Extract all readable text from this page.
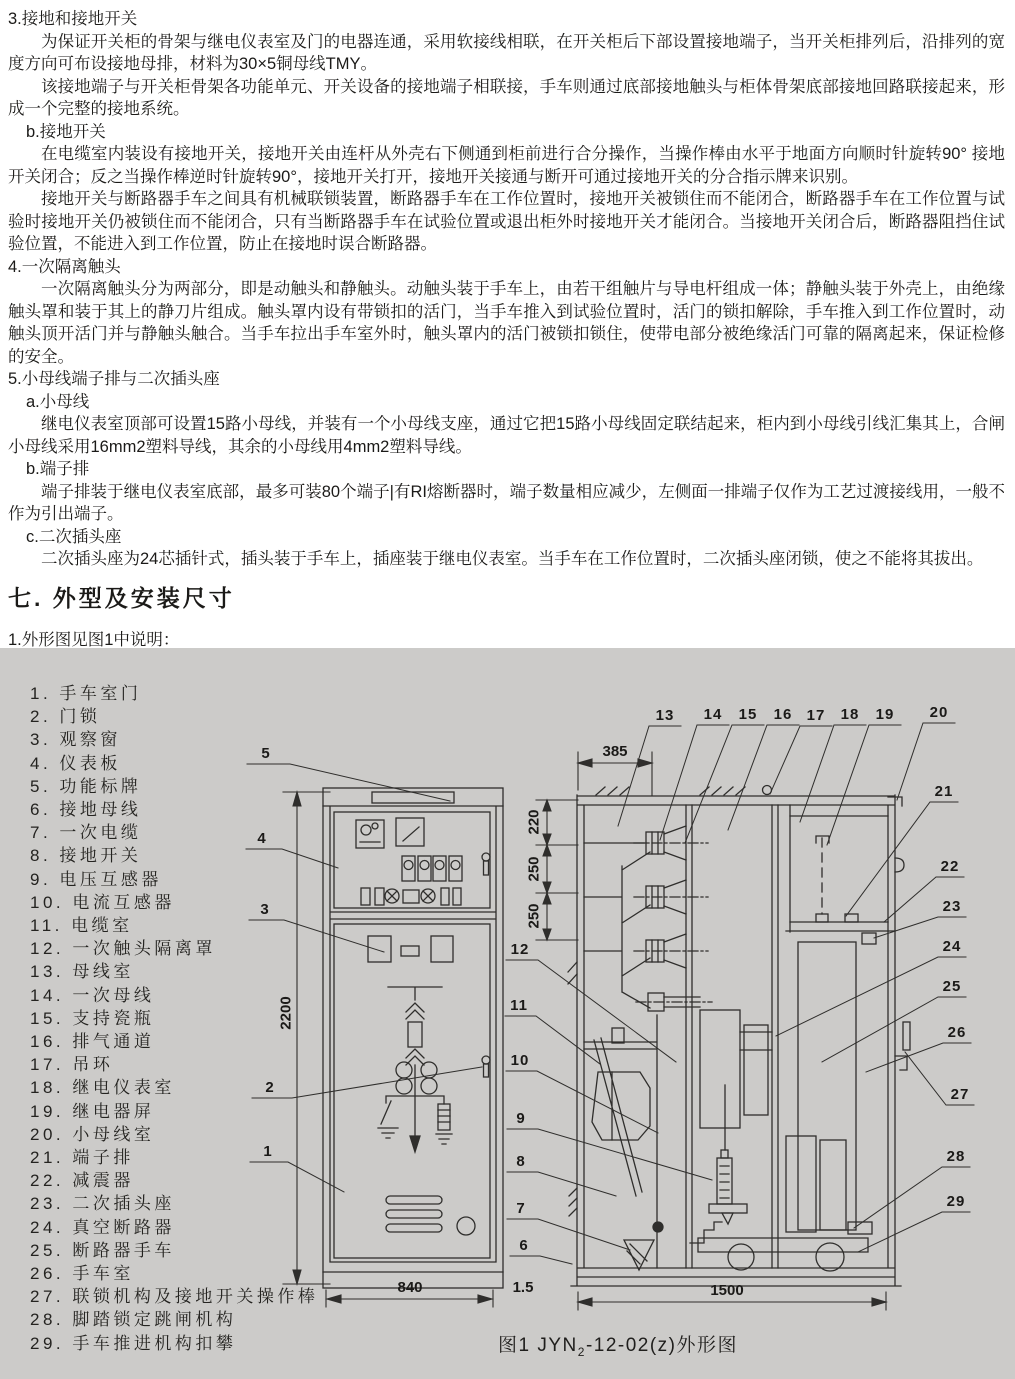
3.接地和接地开关

为保证开关柜的骨架与继电仪表室及门的电器连通，采用软接线相联，在开关柜后下部设置接地端子，当开关柜排列后，沿排列的宽度方向可布设接地母排，材料为30×5铜母线TMY。

该接地端子与开关柜骨架各功能单元、开关设备的接地端子相联接，手车则通过底部接地触头与柜体骨架底部接地回路联接起来，形成一个完整的接地系统。

b.接地开关

在电缆室内装设有接地开关，接地开关由连杆从外壳右下侧通到柜前进行合分操作，当操作棒由水平于地面方向顺时针旋转90° 接地开关闭合；反之当操作棒逆时针旋转90°，接地开关打开，接地开关接通与断开可通过接地开关的分合指示牌来识别。

接地开关与断路器手车之间具有机械联锁装置，断路器手车在工作位置时，接地开关被锁住而不能闭合，断路器手车在工作位置与试验时接地开关仍被锁住而不能闭合，只有当断路器手车在试验位置或退出柜外时接地开关才能闭合。当接地开关闭合后，断路器阻挡住试验位置，不能进入到工作位置，防止在接地时误合断路器。

4.一次隔离触头

一次隔离触头分为两部分，即是动触头和静触头。动触头装于手车上，由若干组触片与导电杆组成一体；静触头装于外壳上，由绝缘触头罩和装于其上的静刀片组成。触头罩内设有带锁扣的活门，当手车推入到试验位置时，活门的锁扣解除，手车推入到工作位置时，动触头顶开活门并与静触头触合。当手车拉出手车室外时，触头罩内的活门被锁扣锁住，使带电部分被绝缘活门可靠的隔离起来，保证检修的安全。

5.小母线端子排与二次插头座
a.小母线

继电仪表室顶部可设置15路小母线，并装有一个小母线支座，通过它把15路小母线固定联结起来，柜内到小母线引线汇集其上，合闸小母线采用16mm2塑料导线，其余的小母线用4mm2塑料导线。

b.端子排

端子排装于继电仪表室底部，最多可装80个端子|有RI熔断器时，端子数量相应减少，左侧面一排端子仅作为工艺过渡接线用，一般不作为引出端子。

c.二次插头座

二次插头座为24芯插针式，插头装于手车上，插座装于继电仪表室。当手车在工作位置时，二次插头座闭锁，使之不能将其拔出。

七. 外型及安装尺寸
1.外形图见图1中说明：
1. 手车室门
2. 门锁
3. 观察窗
4. 仪表板
5. 功能标牌
6. 接地母线
7. 一次电缆
8. 接地开关
9. 电压互感器
10. 电流互感器
11. 电缆室
12. 一次触头隔离罩
13. 母线室
14. 一次母线
15. 支持瓷瓶
16. 排气通道
17. 吊环
18. 继电仪表室
19. 继电器屏
20. 小母线室
21. 端子排
22. 减震器
23. 二次插头座
24. 真空断路器
25. 断路器手车
26. 手车室
27. 联锁机构及接地开关操作棒
28. 脚踏锁定跳闸机构
29. 手车推进机构扣攀
1
2
3
4
5
6
7
8
9
10
11
12
13 14 15 16 17 18 19 20
21
22
23
24
25
26
27
28
29
2200
220
250
250
385
840	1.5	1500
图1 $JYN_2-12-02(z)$外形图
